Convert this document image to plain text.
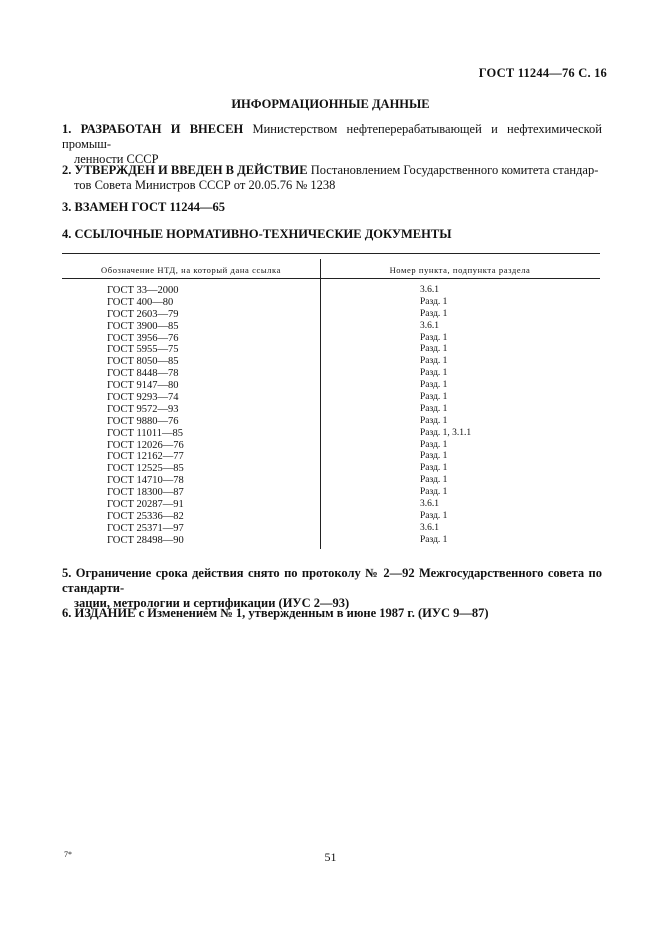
ГОСТ 11244—76 С. 16
ИНФОРМАЦИОННЫЕ ДАННЫЕ
1. РАЗРАБОТАН И ВНЕСЕН Министерством нефтеперерабатывающей и нефтехимической промыш-
ленности СССР
2. УТВЕРЖДЕН И ВВЕДЕН В ДЕЙСТВИЕ Постановлением Государственного комитета стандар-
тов Совета Министров СССР от 20.05.76 № 1238
3. ВЗАМЕН ГОСТ 11244—65
4. ССЫЛОЧНЫЕ НОРМАТИВНО-ТЕХНИЧЕСКИЕ ДОКУМЕНТЫ
Обозначение НТД, на который дана ссылка	Номер пункта, подпункта раздела
ГОСТ 33—2000	3.6.1
ГОСТ 400—80	Разд. 1
ГОСТ 2603—79	Разд. 1
ГОСТ 3900—85	3.6.1
ГОСТ 3956—76	Разд. 1
ГОСТ 5955—75	Разд. 1
ГОСТ 8050—85	Разд. 1
ГОСТ 8448—78	Разд. 1
ГОСТ 9147—80	Разд. 1
ГОСТ 9293—74	Разд. 1
ГОСТ 9572—93	Разд. 1
ГОСТ 9880—76	Разд. 1
ГОСТ 11011—85	Разд. 1, 3.1.1
ГОСТ 12026—76	Разд. 1
ГОСТ 12162—77	Разд. 1
ГОСТ 12525—85	Разд. 1
ГОСТ 14710—78	Разд. 1
ГОСТ 18300—87	Разд. 1
ГОСТ 20287—91	3.6.1
ГОСТ 25336—82	Разд. 1
ГОСТ 25371—97	3.6.1
ГОСТ 28498—90	Разд. 1
5. Ограничение срока действия снято по протоколу № 2—92 Межгосударственного совета по стандарти-
зации, метрологии и сертификации (ИУС 2—93)
6. ИЗДАНИЕ с Изменением № 1, утвержденным в июне 1987 г. (ИУС 9—87)
7*	51
